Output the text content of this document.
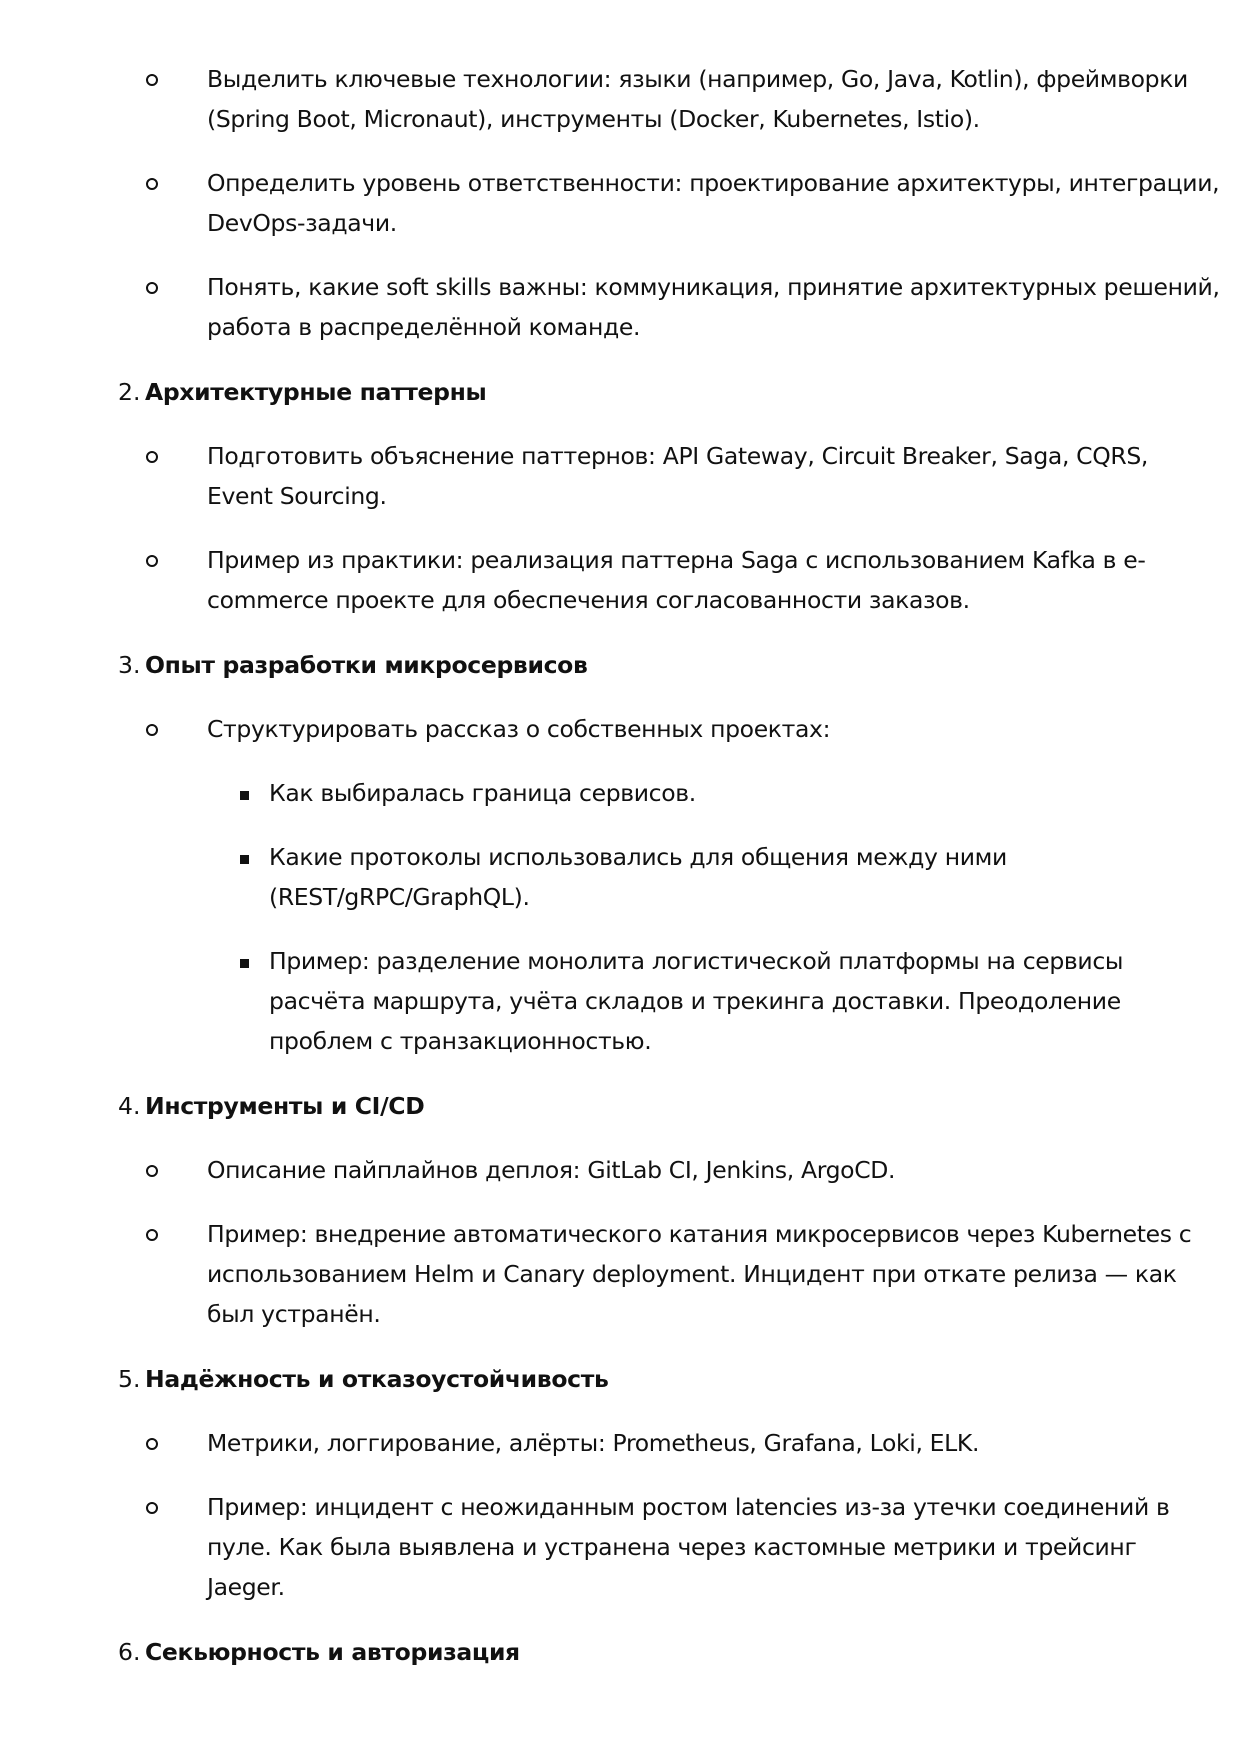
Выделить ключевые технологии: языки (например, Go, Java, Kotlin), фреймворки
(Spring Boot, Micronaut), инструменты (Docker, Kubernetes, Istio).
Определить уровень ответственности: проектирование архитектуры, интеграции,
DevOps-задачи.
Понять, какие soft skills важны: коммуникация, принятие архитектурных решений,
работа в распределённой команде.
2. Архитектурные паттерны
Подготовить объяснение паттернов: API Gateway, Circuit Breaker, Saga, CQRS,
Event Sourcing.
Пример из практики: реализация паттерна Saga с использованием Kafka в e-
commerce проекте для обеспечения согласованности заказов.
3. Опыт разработки микросервисов
Структурировать рассказ о собственных проектах:
Как выбиралась граница сервисов.
Какие протоколы использовались для общения между ними
(REST/gRPC/GraphQL).
Пример: разделение монолита логистической платформы на сервисы
расчёта маршрута, учёта складов и трекинга доставки. Преодоление
проблем с транзакционностью.
4. Инструменты и CI/CD
Описание пайплайнов деплоя: GitLab CI, Jenkins, ArgoCD.
Пример: внедрение автоматического катания микросервисов через Kubernetes с
использованием Helm и Canary deployment. Инцидент при откате релиза — как
был устранён.
5. Надёжность и отказоустойчивость
Метрики, логгирование, алёрты: Prometheus, Grafana, Loki, ELK.
Пример: инцидент с неожиданным ростом latencies из-за утечки соединений в
пуле. Как была выявлена и устранена через кастомные метрики и трейсинг
Jaeger.
6. Секьюрность и авторизация
